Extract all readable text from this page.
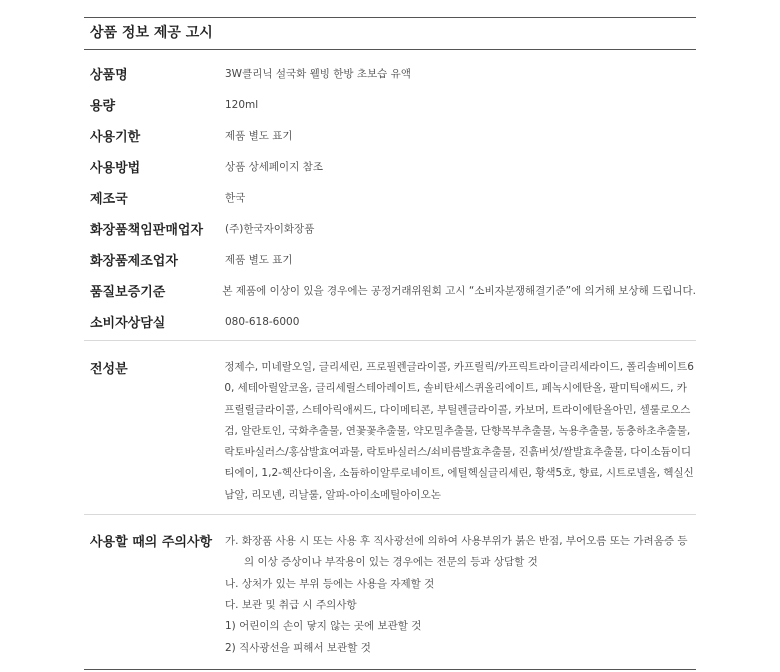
상품 정보 제공 고시
상품명	3W클리닉 설국화 웰빙 한방 초보습 유액
용량	120ml
사용기한	제품 별도 표기
사용방법	상품 상세페이지 참조
제조국	한국
화장품책임판매업자	(주)한국자이화장품
화장품제조업자	제품 별도 표기
품질보증기준	본 제품에 이상이 있을 경우에는 공정거래위원회 고시 “소비자분쟁해결기준”에 의거해 보상해 드립니다.
소비자상담실	080-618-6000
전성분	정제수, 미네랄오일, 글리세린, 프로필렌글라이콜, 카프릴릭/카프릭트라이글리세라이드, 폴리솔베이트60, 세테아릴알코올, 글리세릴스테아레이트, 솔비탄세스퀴올리에이트, 페녹시에탄올, 팔미틱애씨드, 카프릴릴글라이콜, 스테아릭애씨드, 다이메티콘, 부틸렌글라이콜, 카보머, 트라이에탄올아민, 셀룰로오스검, 알란토인, 국화추출물, 연꽃꽃추출물, 약모밀추출물, 단향목부추출물, 녹용추출물, 동충하초추출물, 락토바실러스/홍삼발효여과물, 락토바실러스/쇠비름발효추출물, 진흙버섯/쌀발효추출물, 다이소듐이디티에이, 1,2-헥산다이올, 소듐하이알루로네이트, 에틸헥실글리세린, 황색5호, 향료, 시트로넬올, 헥실신남알, 리모넨, 리날룰, 알파-아이소메틸아이오논
사용할 때의 주의사항	가. 화장품 사용 시 또는 사용 후 직사광선에 의하여 사용부위가 붉은 반점, 부어오름 또는 가려움증 등의 이상 증상이나 부작용이 있는 경우에는 전문의 등과 상담할 것
나. 상처가 있는 부위 등에는 사용을 자제할 것
다. 보관 및 취급 시 주의사항
1) 어린이의 손이 닿지 않는 곳에 보관할 것
2) 직사광선을 피해서 보관할 것
